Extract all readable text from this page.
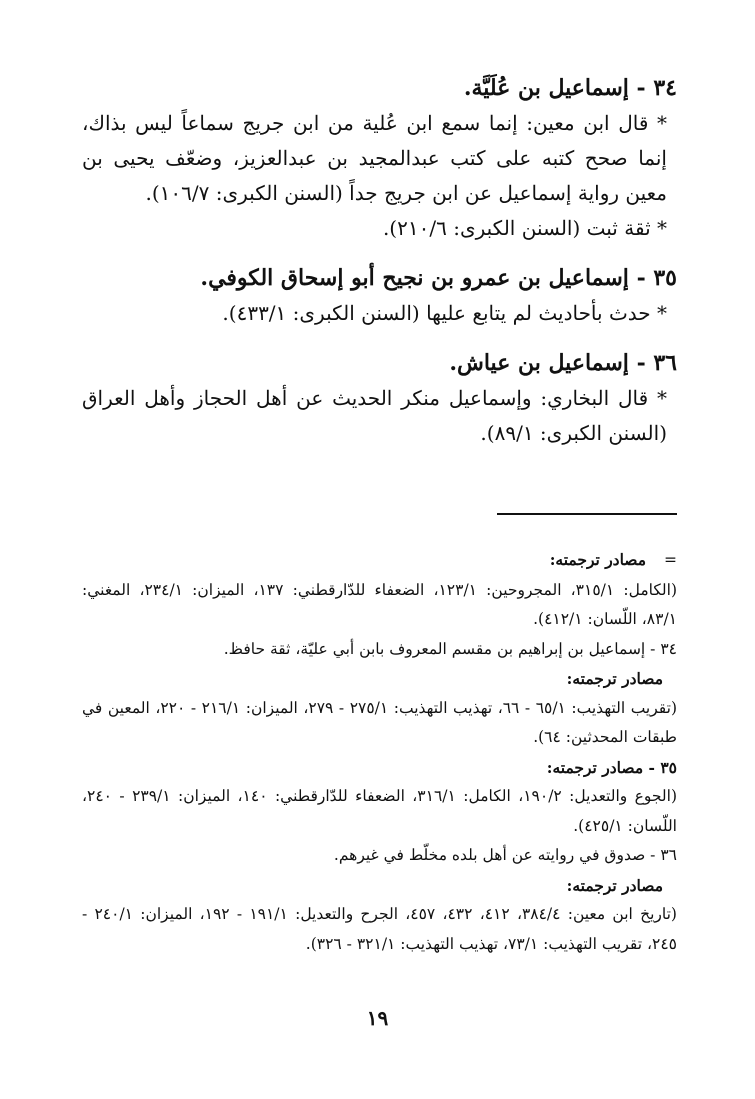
٣٤ - إسماعيل بن عُلَيَّة.

* قال ابن معين: إنما سمع ابن عُلية من ابن جريج سماعاً ليس بذاك، إنما صحح كتبه على كتب عبدالمجيد بن عبدالعزيز، وضعّف يحيى بن معين رواية إسماعيل عن ابن جريج جداً (السنن الكبرى: ١٠٦/٧).

* ثقة ثبت (السنن الكبرى: ٢١٠/٦).

٣٥ - إسماعيل بن عمرو بن نجيح أبو إسحاق الكوفي.

* حدث بأحاديث لم يتابع عليها (السنن الكبرى: ٤٣٣/١).

٣٦ - إسماعيل بن عياش.

* قال البخاري: وإسماعيل منكر الحديث عن أهل الحجاز وأهل العراق (السنن الكبرى: ٨٩/١).

= مصادر ترجمته:
(الكامل: ٣١٥/١، المجروحين: ١٢٣/١، الضعفاء للدّارقطني: ١٣٧، الميزان: ٢٣٤/١، المغني: ٨٣/١، اللّسان: ٤١٢/١).
٣٤ - إسماعيل بن إبراهيم بن مقسم المعروف بابن أبي عليّة، ثقة حافظ.
مصادر ترجمته:
(تقريب التهذيب: ٦٥/١ - ٦٦، تهذيب التهذيب: ٢٧٥/١ - ٢٧٩، الميزان: ٢١٦/١ - ٢٢٠، المعين في طبقات المحدثين: ٦٤).
٣٥ - مصادر ترجمته:
(الجوع والتعديل: ١٩٠/٢، الكامل: ٣١٦/١، الضعفاء للدّارقطني: ١٤٠، الميزان: ٢٣٩/١ - ٢٤٠، اللّسان: ٤٢٥/١).
٣٦ - صدوق في روايته عن أهل بلده مخلّط في غيرهم.
مصادر ترجمته:
(تاريخ ابن معين: ٣٨٤/٤، ٤١٢، ٤٣٢، ٤٥٧، الجرح والتعديل: ١٩١/١ - ١٩٢، الميزان: ٢٤٠/١ - ٢٤٥، تقريب التهذيب: ٧٣/١، تهذيب التهذيب: ٣٢١/١ - ٣٢٦).
١٩
